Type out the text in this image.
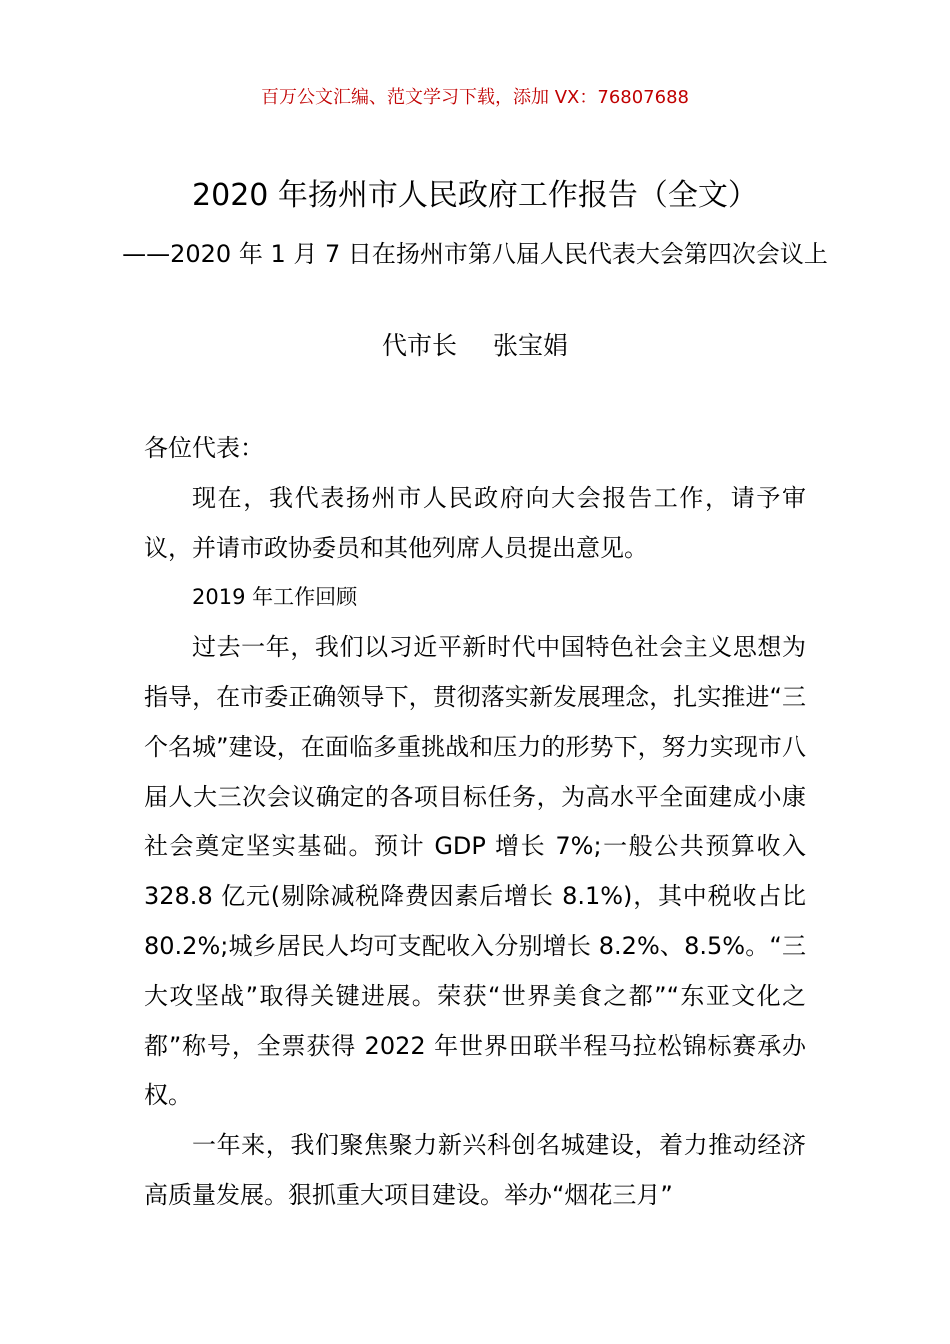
百万公文汇编、范文学习下载，添加 VX：76807688
2020 年扬州市人民政府工作报告（全文）
——2020 年 1 月 7 日在扬州市第八届人民代表大会第四次会议上
代市长 张宝娟

各位代表：

现在，我代表扬州市人民政府向大会报告工作，请予审议，并请市政协委员和其他列席人员提出意见。

2019 年工作回顾

过去一年，我们以习近平新时代中国特色社会主义思想为指导，在市委正确领导下，贯彻落实新发展理念，扎实推进“三个名城”建设，在面临多重挑战和压力的形势下，努力实现市八届人大三次会议确定的各项目标任务，为高水平全面建成小康社会奠定坚实基础。预计 GDP 增长 7%;一般公共预算收入 328.8 亿元(剔除减税降费因素后增长 8.1%)，其中税收占比 80.2%;城乡居民人均可支配收入分别增长 8.2%、8.5%。“三大攻坚战”取得关键进展。荣获“世界美食之都”“东亚文化之都”称号，全票获得 2022 年世界田联半程马拉松锦标赛承办权。

一年来，我们聚焦聚力新兴科创名城建设，着力推动经济高质量发展。狠抓重大项目建设。举办“烟花三月”
